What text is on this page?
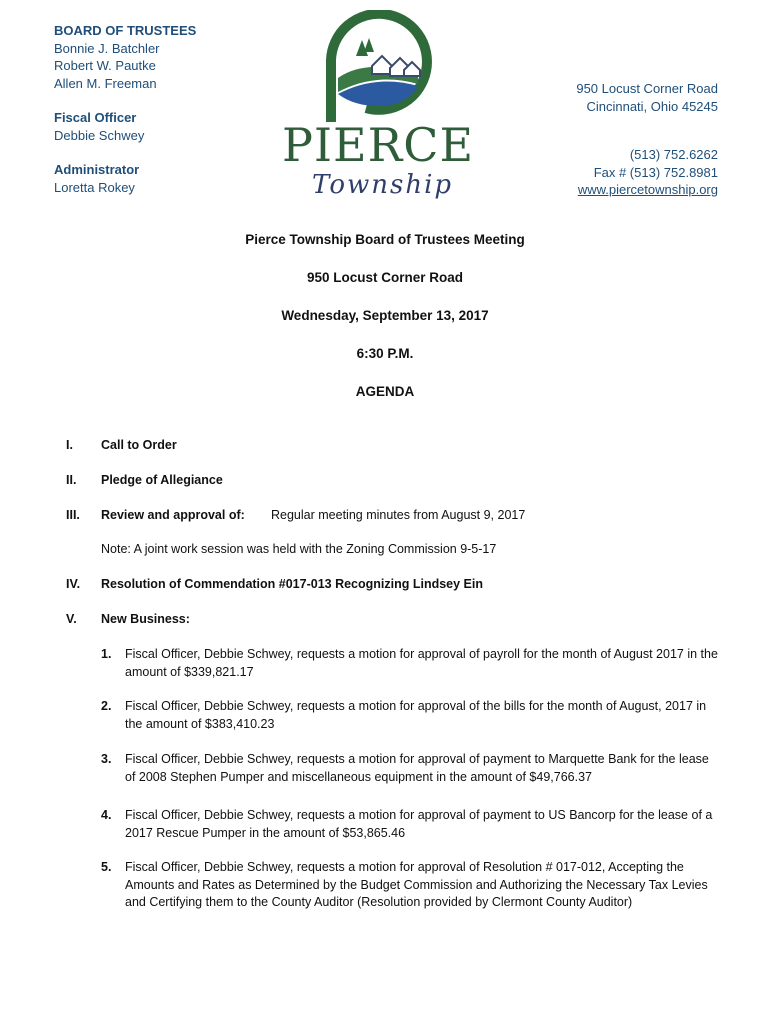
BOARD OF TRUSTEES
Bonnie J. Batchler
Robert W. Pautke
Allen M. Freeman
Fiscal Officer
Debbie Schwey
Administrator
Loretta Rokey
PIERCE
Township
950 Locust Corner Road
Cincinnati, Ohio 45245
(513) 752.6262
Fax # (513) 752.8981
www.piercetownship.org
Pierce Township Board of Trustees Meeting
950 Locust Corner Road
Wednesday, September 13, 2017
6:30 P.M.
AGENDA
I. Call to Order
II. Pledge of Allegiance
III. Review and approval of: Regular meeting minutes from August 9, 2017
Note: A joint work session was held with the Zoning Commission 9-5-17
IV. Resolution of Commendation #017-013 Recognizing Lindsey Ein
V. New Business:
1. Fiscal Officer, Debbie Schwey, requests a motion for approval of payroll for the month of August 2017 in the amount of $339,821.17
2. Fiscal Officer, Debbie Schwey, requests a motion for approval of the bills for the month of August, 2017 in the amount of $383,410.23
3. Fiscal Officer, Debbie Schwey, requests a motion for approval of payment to Marquette Bank for the lease of 2008 Stephen Pumper and miscellaneous equipment in the amount of $49,766.37
4. Fiscal Officer, Debbie Schwey, requests a motion for approval of payment to US Bancorp for the lease of a 2017 Rescue Pumper in the amount of $53,865.46
5. Fiscal Officer, Debbie Schwey, requests a motion for approval of Resolution # 017-012, Accepting the Amounts and Rates as Determined by the Budget Commission and Authorizing the Necessary Tax Levies and Certifying them to the County Auditor (Resolution provided by Clermont County Auditor)
